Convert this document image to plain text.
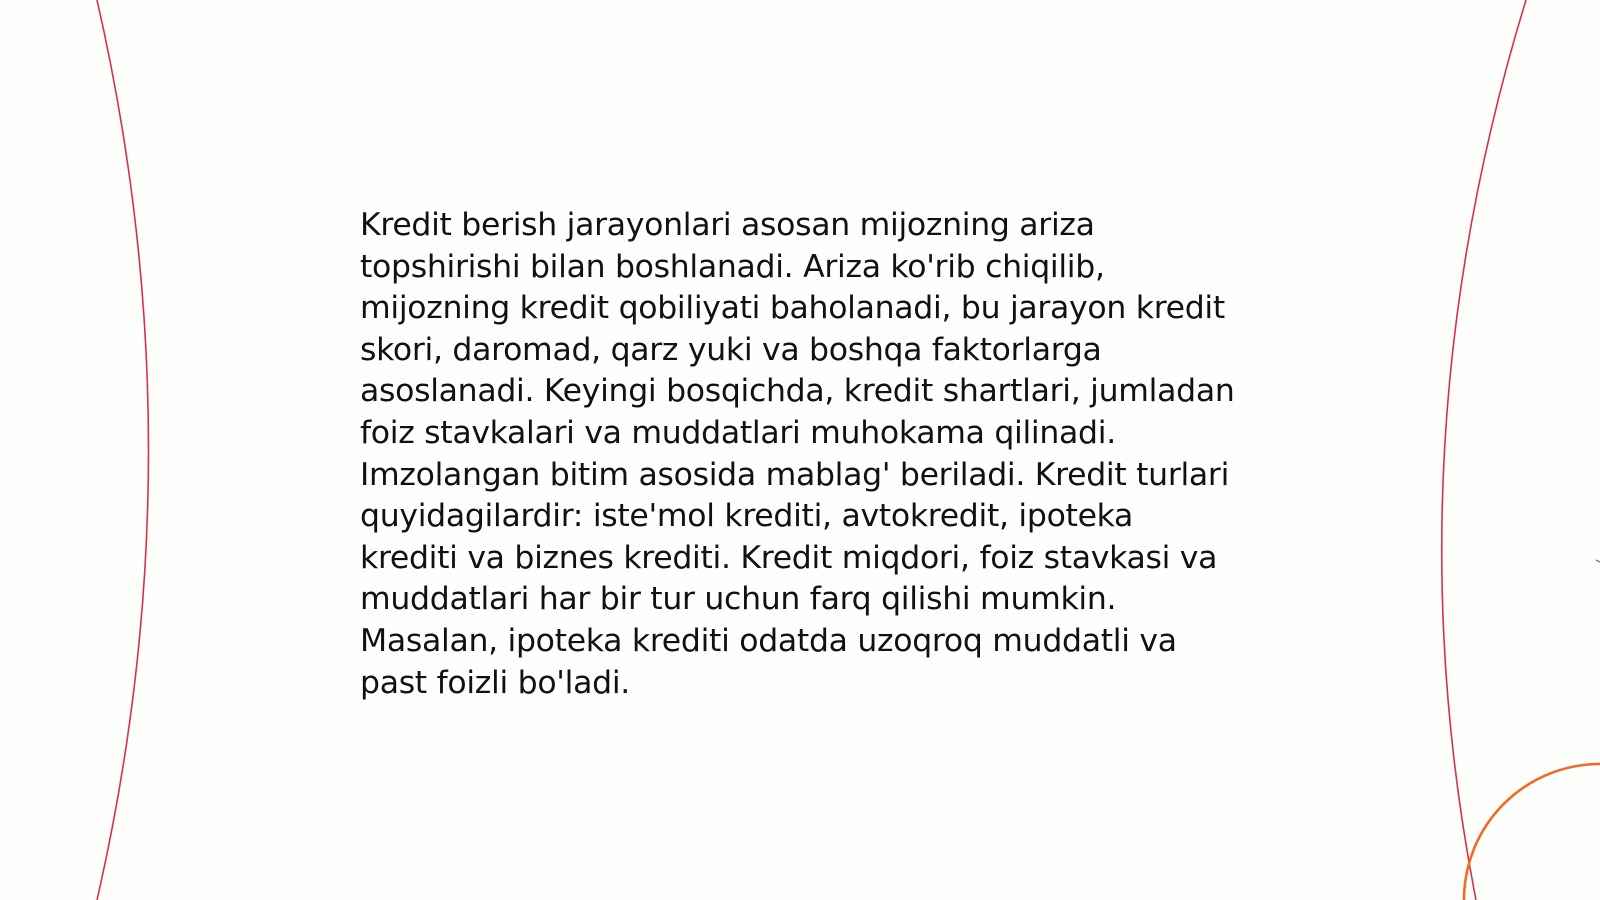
Kredit berish jarayonlari asosan mijozning ariza topshirishi bilan boshlanadi. Ariza ko'rib chiqilib, mijozning kredit qobiliyati baholanadi, bu jarayon kredit skori, daromad, qarz yuki va boshqa faktorlarga asoslanadi. Keyingi bosqichda, kredit shartlari, jumladan foiz stavkalari va muddatlari muhokama qilinadi. Imzolangan bitim asosida mablag' beriladi. Kredit turlari quyidagilardir: iste'mol krediti, avtokredit, ipoteka krediti va biznes krediti. Kredit miqdori, foiz stavkasi va muddatlari har bir tur uchun farq qilishi mumkin. Masalan, ipoteka krediti odatda uzoqroq muddatli va past foizli bo'ladi.
